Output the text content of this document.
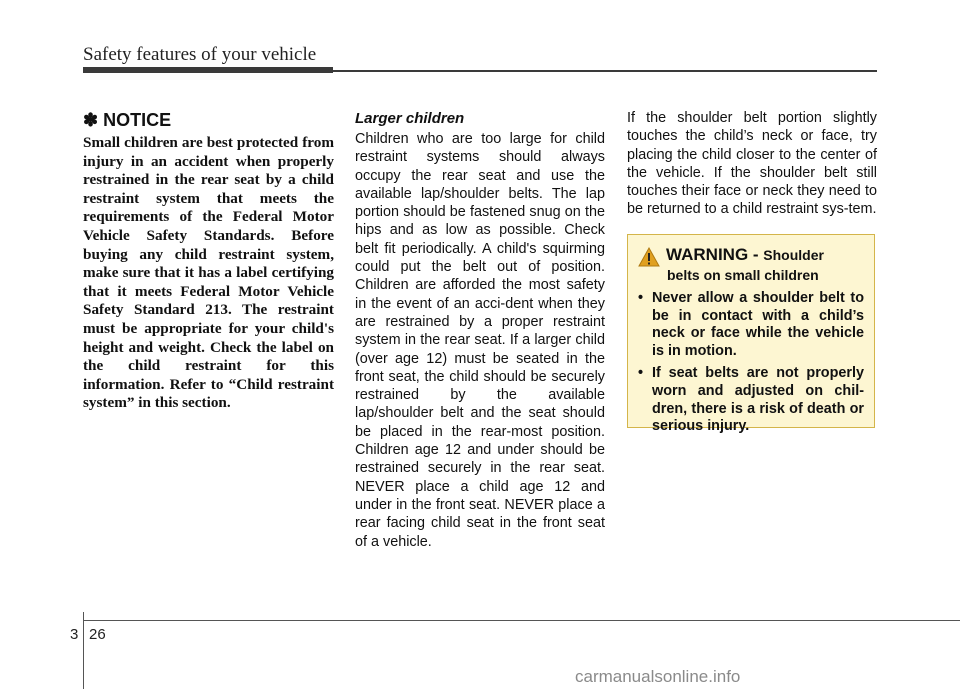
Safety features of your vehicle
✽ NOTICE

Small children are best protected from injury in an accident when properly restrained in the rear seat by a child restraint system that meets the requirements of the Federal Motor Vehicle Safety Standards. Before buying any child restraint system, make sure that it has a label certifying that it meets Federal Motor Vehicle Safety Standard 213. The restraint must be appropriate for your child's height and weight. Check the label on the child restraint for this information. Refer to “Child restraint system” in this section.

Larger children

Children who are too large for child restraint systems should always occupy the rear seat and use the available lap/shoulder belts. The lap portion should be fastened snug on the hips and as low as possible. Check belt fit periodically. A child's squirming could put the belt out of position. Children are afforded the most safety in the event of an acci-dent when they are restrained by a proper restraint system in the rear seat. If a larger child (over age 12) must be seated in the front seat, the child should be securely restrained by the available lap/shoulder belt and the seat should be placed in the rear-most position. Children age 12 and under should be restrained securely in the rear seat. NEVER place a child age 12 and under in the front seat. NEVER place a rear facing child seat in the front seat of a vehicle.

If the shoulder belt portion slightly touches the child’s neck or face, try placing the child closer to the center of the vehicle. If the shoulder belt still touches their face or neck they need to be returned to a child restraint sys-tem.

WARNING - Shoulder
belts on small children
• Never allow a shoulder belt to be in contact with a child’s neck or face while the vehicle is in motion.
• If seat belts are not properly worn and adjusted on chil-dren, there is a risk of death or serious injury.
3 26
carmanualsonline.info
